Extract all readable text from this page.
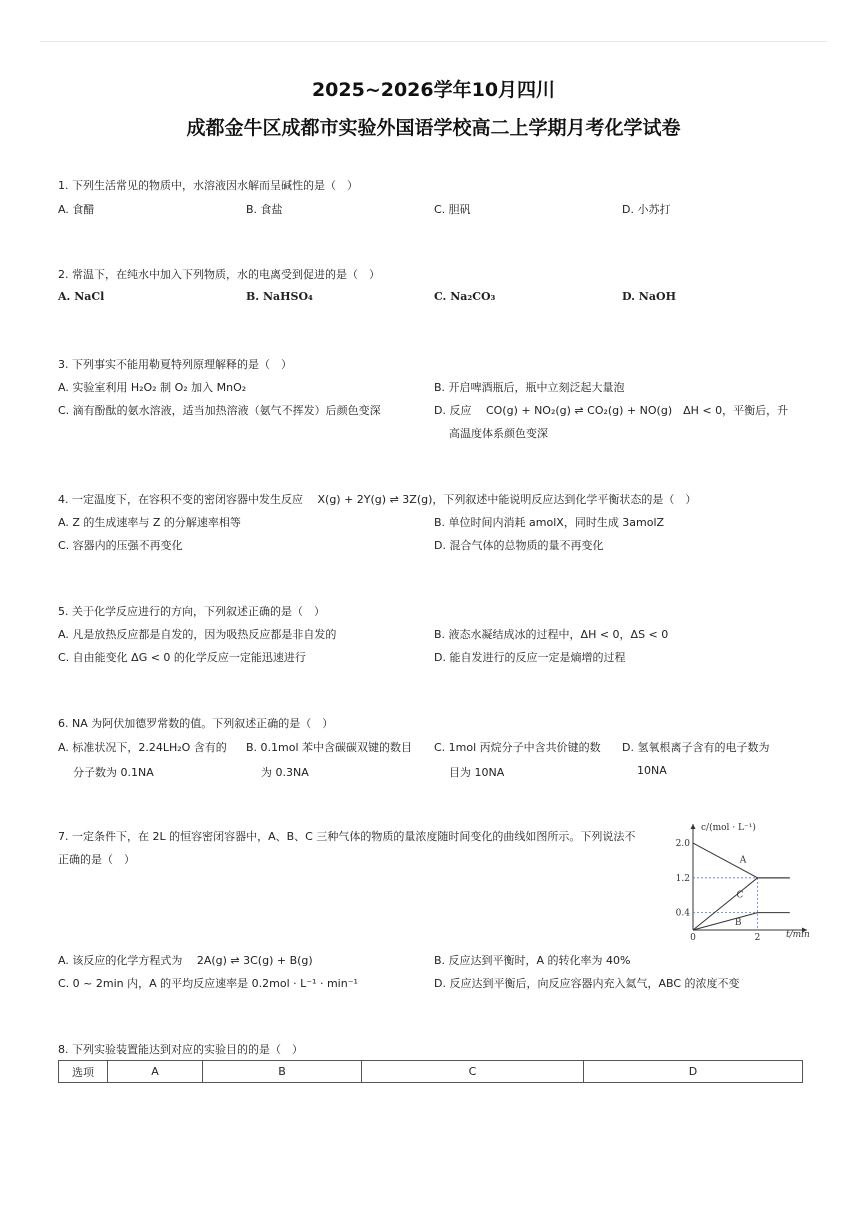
2025~2026学年10月四川
成都金牛区成都市实验外国语学校高二上学期月考化学试卷
1. 下列生活常见的物质中，水溶液因水解而呈碱性的是（　）
A. 食醋	B. 食盐	C. 胆矾	D. 小苏打
2. 常温下，在纯水中加入下列物质，水的电离受到促进的是（　）
A. NaCl	B. NaHSO₄	C. Na₂CO₃	D. NaOH
3. 下列事实不能用勒夏特列原理解释的是（　）
A. 实验室利用 H₂O₂ 制 O₂ 加入 MnO₂	B. 开启啤酒瓶后，瓶中立刻泛起大量泡
C. 滴有酚酞的氨水溶液，适当加热溶液（氨气不挥发）后颜色变深	D. 反应　 CO(g) + NO₂(g) ⇌ CO₂(g) + NO(g)　ΔH < 0，平衡后，升
高温度体系颜色变深
4. 一定温度下，在容积不变的密闭容器中发生反应　 X(g) + 2Y(g) ⇌ 3Z(g)，下列叙述中能说明反应达到化学平衡状态的是（　）
A. Z 的生成速率与 Z 的分解速率相等	B. 单位时间内消耗 amolX，同时生成 3amolZ
C. 容器内的压强不再变化	D. 混合气体的总物质的量不再变化
5. 关于化学反应进行的方向，下列叙述正确的是（　）
A. 凡是放热反应都是自发的，因为吸热反应都是非自发的	B. 液态水凝结成冰的过程中，ΔH < 0，ΔS < 0
C. 自由能变化 ΔG < 0 的化学反应一定能迅速进行	D. 能自发进行的反应一定是熵增的过程
6. NA 为阿伏加德罗常数的值。下列叙述正确的是（　）
A. 标准状况下，2.24LH₂O 含有的
分子数为 0.1NA
B. 0.1mol 苯中含碳碳双键的数目
为 0.3NA
C. 1mol 丙烷分子中含共价键的数
目为 10NA
D. 氢氧根离子含有的电子数为
10NA
7. 一定条件下，在 2L 的恒容密闭容器中，A、B、C 三种气体的物质的量浓度随时间变化的曲线如图所示。下列说法不
正确的是（　）
A. 该反应的化学方程式为　 2A(g) ⇌ 3C(g) + B(g)	B. 反应达到平衡时，A 的转化率为 40%
C. 0 ~ 2min 内，A 的平均反应速率是 0.2mol · L⁻¹ · min⁻¹	D. 反应达到平衡后，向反应容器内充入氦气，ABC 的浓度不变
c/(mol · L⁻¹)
t/min
2.0
1.2
0.4
0	2
A
C
B
8. 下列实验装置能达到对应的实验目的的是（　）
选项	A	B	C	D
